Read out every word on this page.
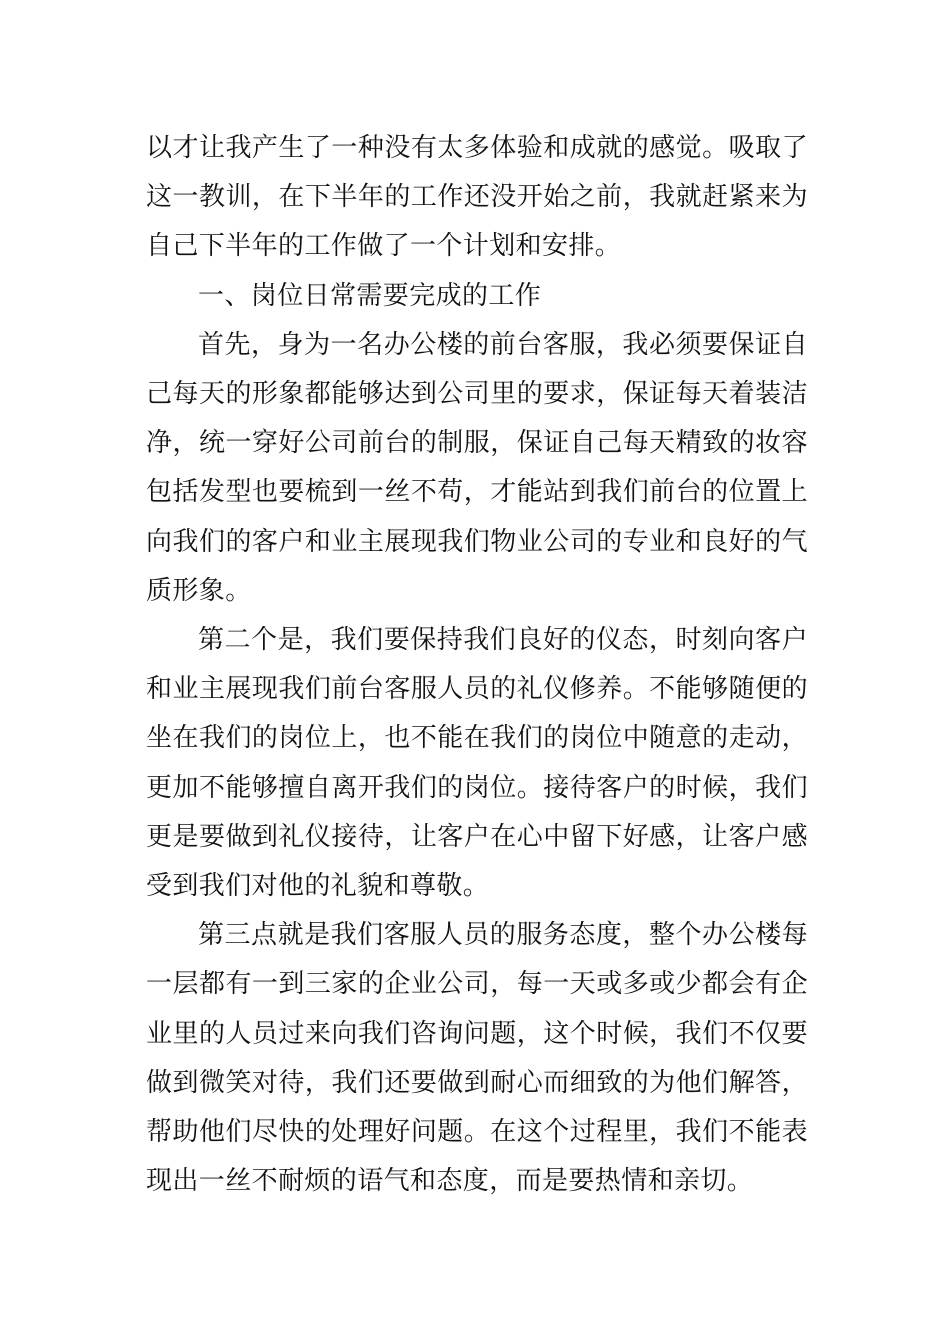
以才让我产生了一种没有太多体验和成就的感觉。吸取了这一教训，在下半年的工作还没开始之前，我就赶紧来为自己下半年的工作做了一个计划和安排。

一、岗位日常需要完成的工作

首先，身为一名办公楼的前台客服，我必须要保证自己每天的形象都能够达到公司里的要求，保证每天着装洁净，统一穿好公司前台的制服，保证自己每天精致的妆容包括发型也要梳到一丝不苟，才能站到我们前台的位置上向我们的客户和业主展现我们物业公司的专业和良好的气质形象。

第二个是，我们要保持我们良好的仪态，时刻向客户和业主展现我们前台客服人员的礼仪修养。不能够随便的坐在我们的岗位上，也不能在我们的岗位中随意的走动，更加不能够擅自离开我们的岗位。接待客户的时候，我们更是要做到礼仪接待，让客户在心中留下好感，让客户感受到我们对他的礼貌和尊敬。

第三点就是我们客服人员的服务态度，整个办公楼每一层都有一到三家的企业公司，每一天或多或少都会有企业里的人员过来向我们咨询问题，这个时候，我们不仅要做到微笑对待，我们还要做到耐心而细致的为他们解答，帮助他们尽快的处理好问题。在这个过程里，我们不能表现出一丝不耐烦的语气和态度，而是要热情和亲切。
